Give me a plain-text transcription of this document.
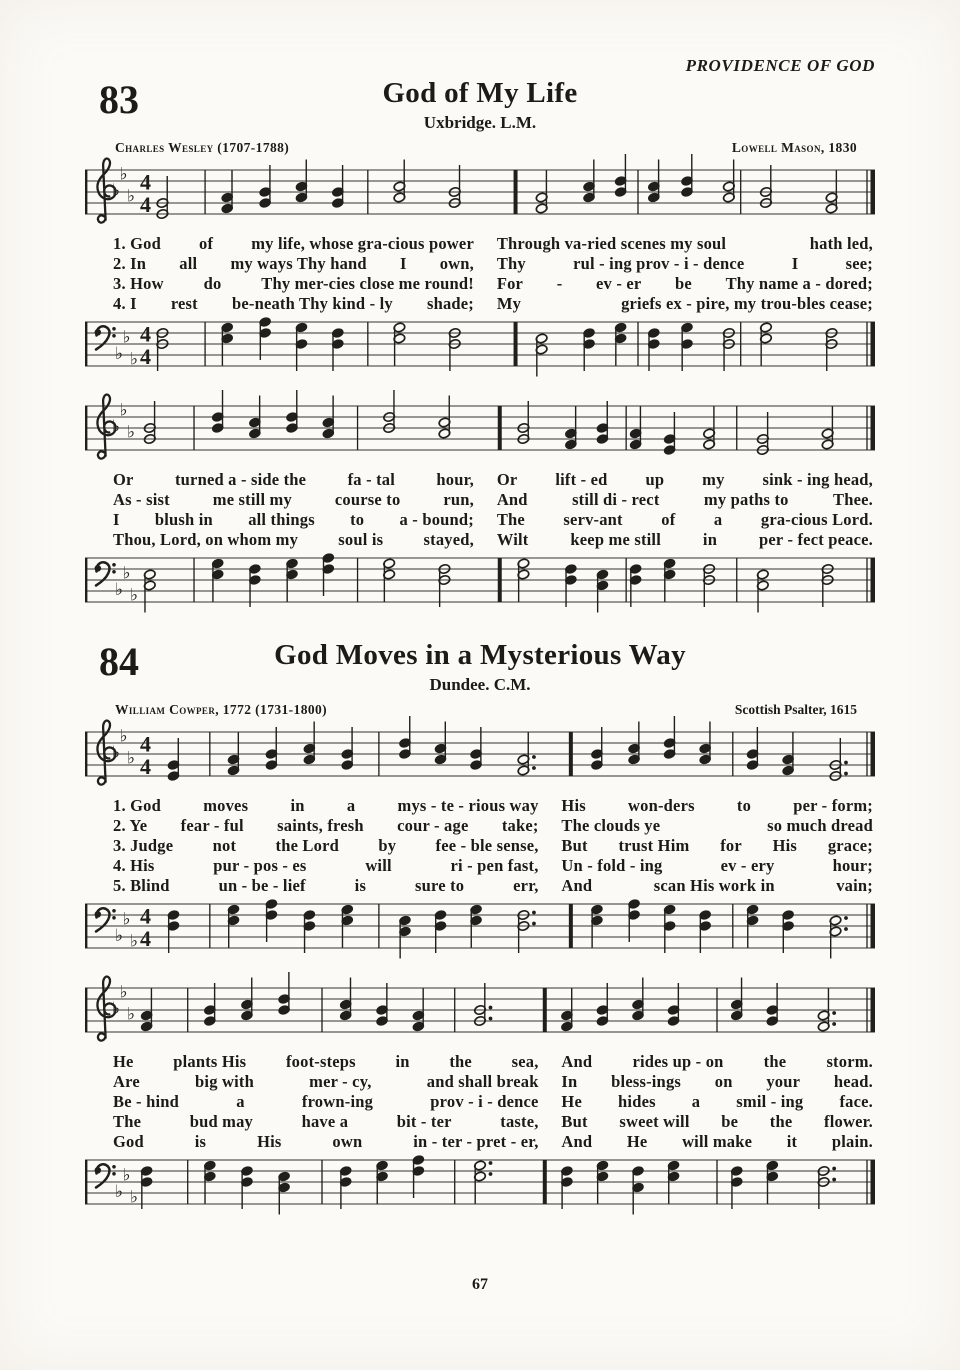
PROVIDENCE OF GOD
83	God of My Life
Uxbridge. L.M.
Charles Wesley (1707-1788)	Lowell Mason, 1830
♭
♭
♭
4
4
1. God of my life, whose gra-cious power Through va-ried scenes my soul	hath led,
2. In all my ways Thy hand I own, Thy	rul - ing prov - i - dence	I	see;
3. How do Thy mer-cies close me round! For - ev - er be Thy name a - dored;
4. I rest be-neath Thy kind - ly shade; My	griefs ex - pire, my trou-bles cease;
♭
♭
♭
4
4
♭
♭
♭
Or	turned a - side the	fa - tal	hour, Or lift - ed up my sink - ing head,
As - sist	me still my	course to	run, And	still di - rect	my paths to	Thee.
I blush in all things to a - bound; The serv-ant of a gra-cious Lord.
Thou, Lord, on whom my soul is stayed, Wilt	keep me still	in	per - fect peace.
♭
♭
♭
84	God Moves in a Mysterious Way
Dundee. C.M.
William Cowper, 1772 (1731-1800)	Scottish Psalter, 1615
♭
♭
♭
4
4
1. God	moves	in	a	mys - te - rious way His	won-ders	to	per - form;
2. Ye fear - ful saints, fresh cour - age take; The clouds ye	so much dread
3. Judge not the Lord by fee - ble sense, But trust Him for His grace;
4. His	pur - pos - es	will	ri - pen fast, Un - fold - ing	ev - ery	hour;
5. Blind	un - be - lief	is	sure to	err, And	scan His work in	vain;
♭
♭
♭
4
4
♭
♭
♭
He plants His foot-steps in the sea, And rides up - on the storm.
Are	big with	mer - cy,	and shall break In bless-ings on your head.
Be - hind	a	frown-ing	prov - i - dence He hides a smil - ing face.
The	bud may	have a	bit - ter	taste, But sweet will be the flower.
God	is	His	own	in - ter - pret - er, And He will make it plain.
♭
♭
♭
67
